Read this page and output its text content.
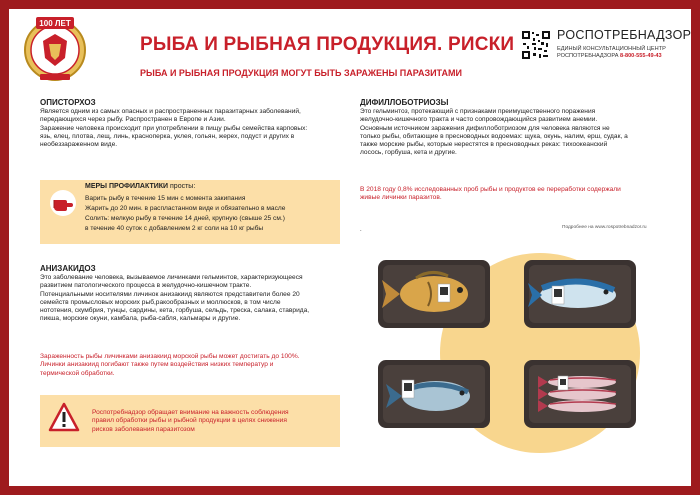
100 ЛЕТ
РЫБА И РЫБНАЯ ПРОДУКЦИЯ. РИСКИ
РЫБА И РЫБНАЯ ПРОДУКЦИЯ МОГУТ БЫТЬ ЗАРАЖЕНЫ ПАРАЗИТАМИ
РОСПОТРЕБНАДЗОР
ЕДИНЫЙ КОНСУЛЬТАЦИОННЫЙ ЦЕНТР
РОСПОТРЕБНАДЗОРА 8-800-555-49-43
ОПИСТОРХОЗ
Является одним из самых опасных и распространенных паразитарных заболеваний,
передающихся через рыбу. Распространен в Европе и Азии.
Заражение человека происходит при употреблении в пищу рыбы семейства карповых:
язь, елец, плотва, лещ, линь, красноперка, уклея, гольян, жерех, подуст и других в
необеззараженном виде.
МЕРЫ ПРОФИЛАКТИКИ просты:
Варить рыбу в течение 15 мин с момента закипания
Жарить до 20 мин. в распластанном виде и обязательно в масле
Солить: мелкую рыбу в течение 14 дней, крупную (свыше 25 см.)
в течение 40 суток с добавлением 2 кг соли на 10 кг рыбы
АНИЗАКИДОЗ
Это заболевание человека, вызываемое личинками гельминтов, характеризующееся
развитием патологического процесса в желудочно-кишечном тракте.
Потенциальными носителями личинок анизакиид являются представители более 20
семейств промысловых морских рыб,ракообразных и моллюсков, в том числе
нототения, скумбрия, тунцы, сардины, кета, горбуша, сельдь, треска, салака, ставрида,
пикша, морские окуни, камбала, рыба-сабля, кальмары и другие.
Зараженность рыбы личинками анизакиид морской рыбы может достигать до 100%.
Личинки анизакиид погибают также путем воздействия низких температур и
термической обработки.
Роспотребнадзор обращает внимание на важность соблюдения
правил обработки рыбы и рыбной продукции в целях снижения
рисков заболевания паразитозом
ДИФИЛЛОБОТРИОЗЫ
Это гельминтоз, протекающий с признаками преимущественного поражения
желудочно-кишечного тракта и часто сопровождающийся развитием анемии.
Основным источником заражения дифиллоботриозом для человека являются не
только рыбы, обитающие в пресноводных водоемах: щука, окунь, налим, ерш, судак, а
также морские рыбы, которые нерестятся в пресноводных реках: тихоокеанский
лосось, горбуша, кета и другие.
В 2018 году 0,8% исследованных проб рыбы и продуктов ее переработки содержали
живые личинки паразитов.
.	Подробнее на www.rospotrebnadzor.ru
